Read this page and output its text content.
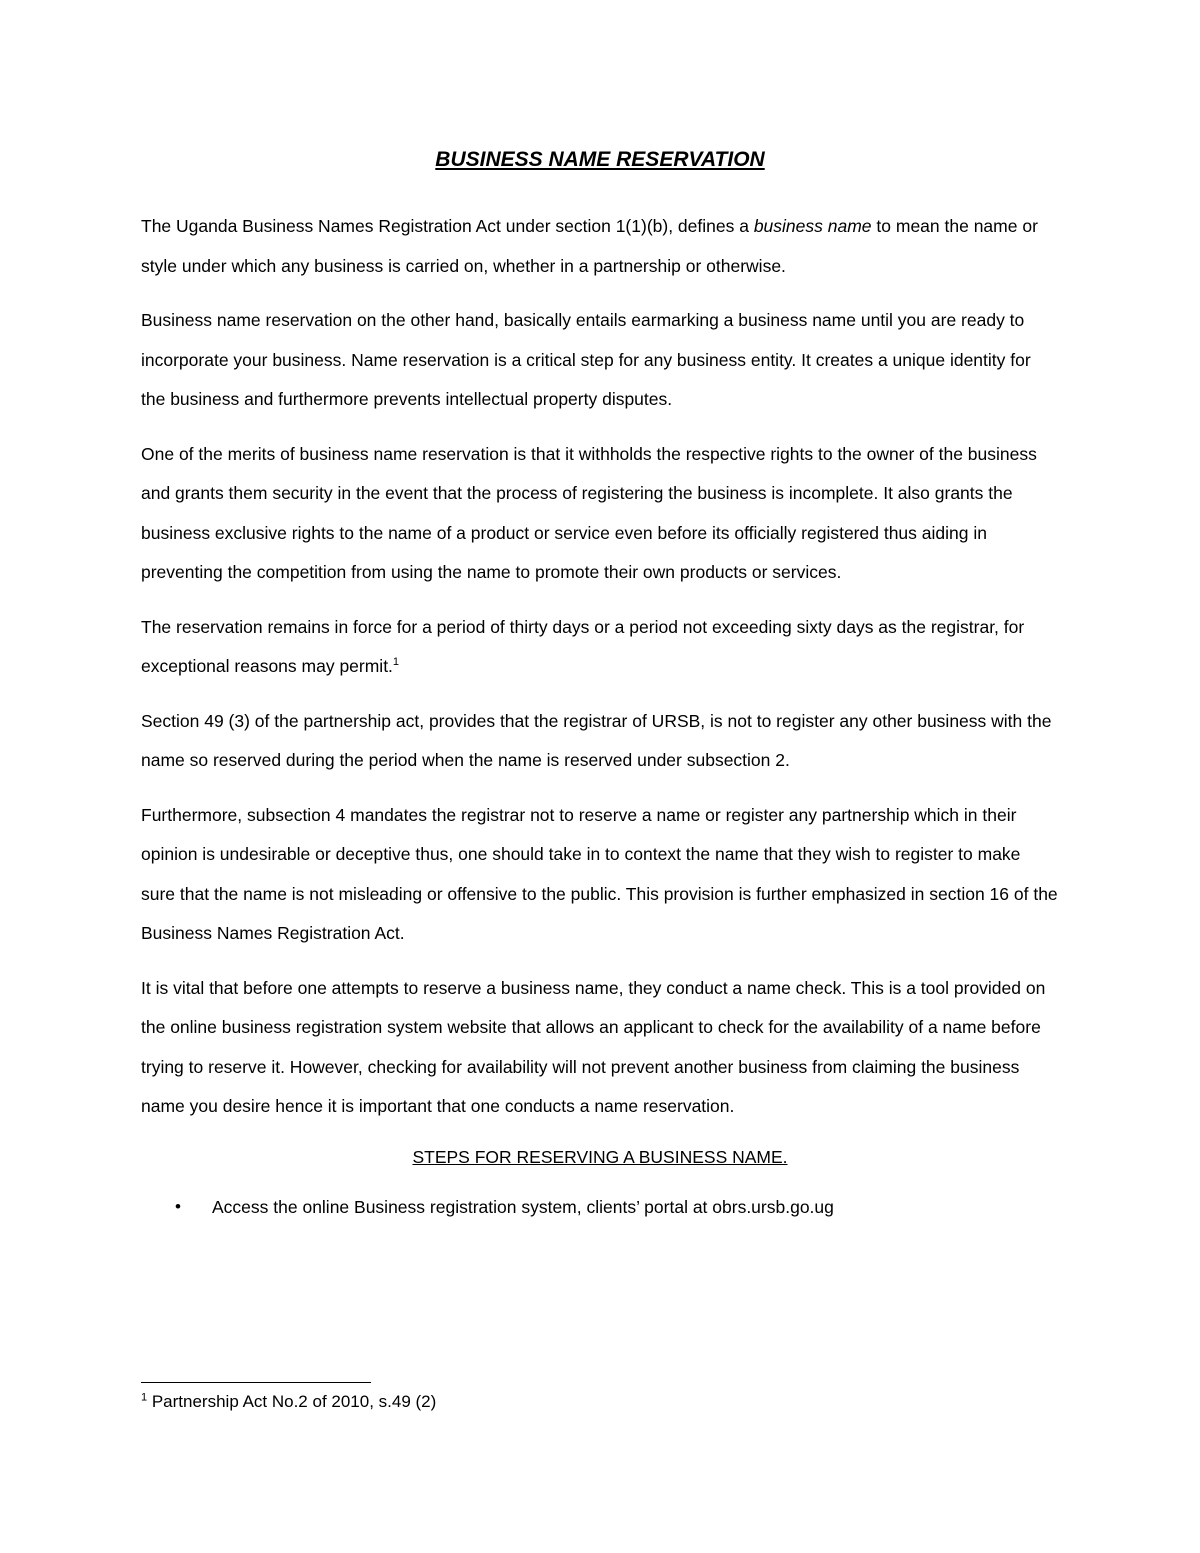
BUSINESS NAME RESERVATION

The Uganda Business Names Registration Act under section 1(1)(b), defines a business name to mean the name or style under which any business is carried on, whether in a partnership or otherwise.

Business name reservation on the other hand, basically entails earmarking a business name until you are ready to incorporate your business. Name reservation is a critical step for any business entity. It creates a unique identity for the business and furthermore prevents intellectual property disputes.

One of the merits of business name reservation is that it withholds the respective rights to the owner of the business and grants them security in the event that the process of registering the business is incomplete. It also grants the business exclusive rights to the name of a product or service even before its officially registered thus aiding in preventing the competition from using the name to promote their own products or services.

The reservation remains in force for a period of thirty days or a period not exceeding sixty days as the registrar, for exceptional reasons may permit.$^1$

Section 49 (3) of the partnership act, provides that the registrar of URSB, is not to register any other business with the name so reserved during the period when the name is reserved under subsection 2.

Furthermore, subsection 4 mandates the registrar not to reserve a name or register any partnership which in their opinion is undesirable or deceptive thus, one should take in to context the name that they wish to register to make sure that the name is not misleading or offensive to the public. This provision is further emphasized in section 16 of the Business Names Registration Act.

It is vital that before one attempts to reserve a business name, they conduct a name check. This is a tool provided on the online business registration system website that allows an applicant to check for the availability of a name before trying to reserve it. However, checking for availability will not prevent another business from claiming the business name you desire hence it is important that one conducts a name reservation.

STEPS FOR RESERVING A BUSINESS NAME.
• Access the online Business registration system, clients’ portal at obrs.ursb.go.ug
$^1$ Partnership Act No.2 of 2010, s.49 (2)
